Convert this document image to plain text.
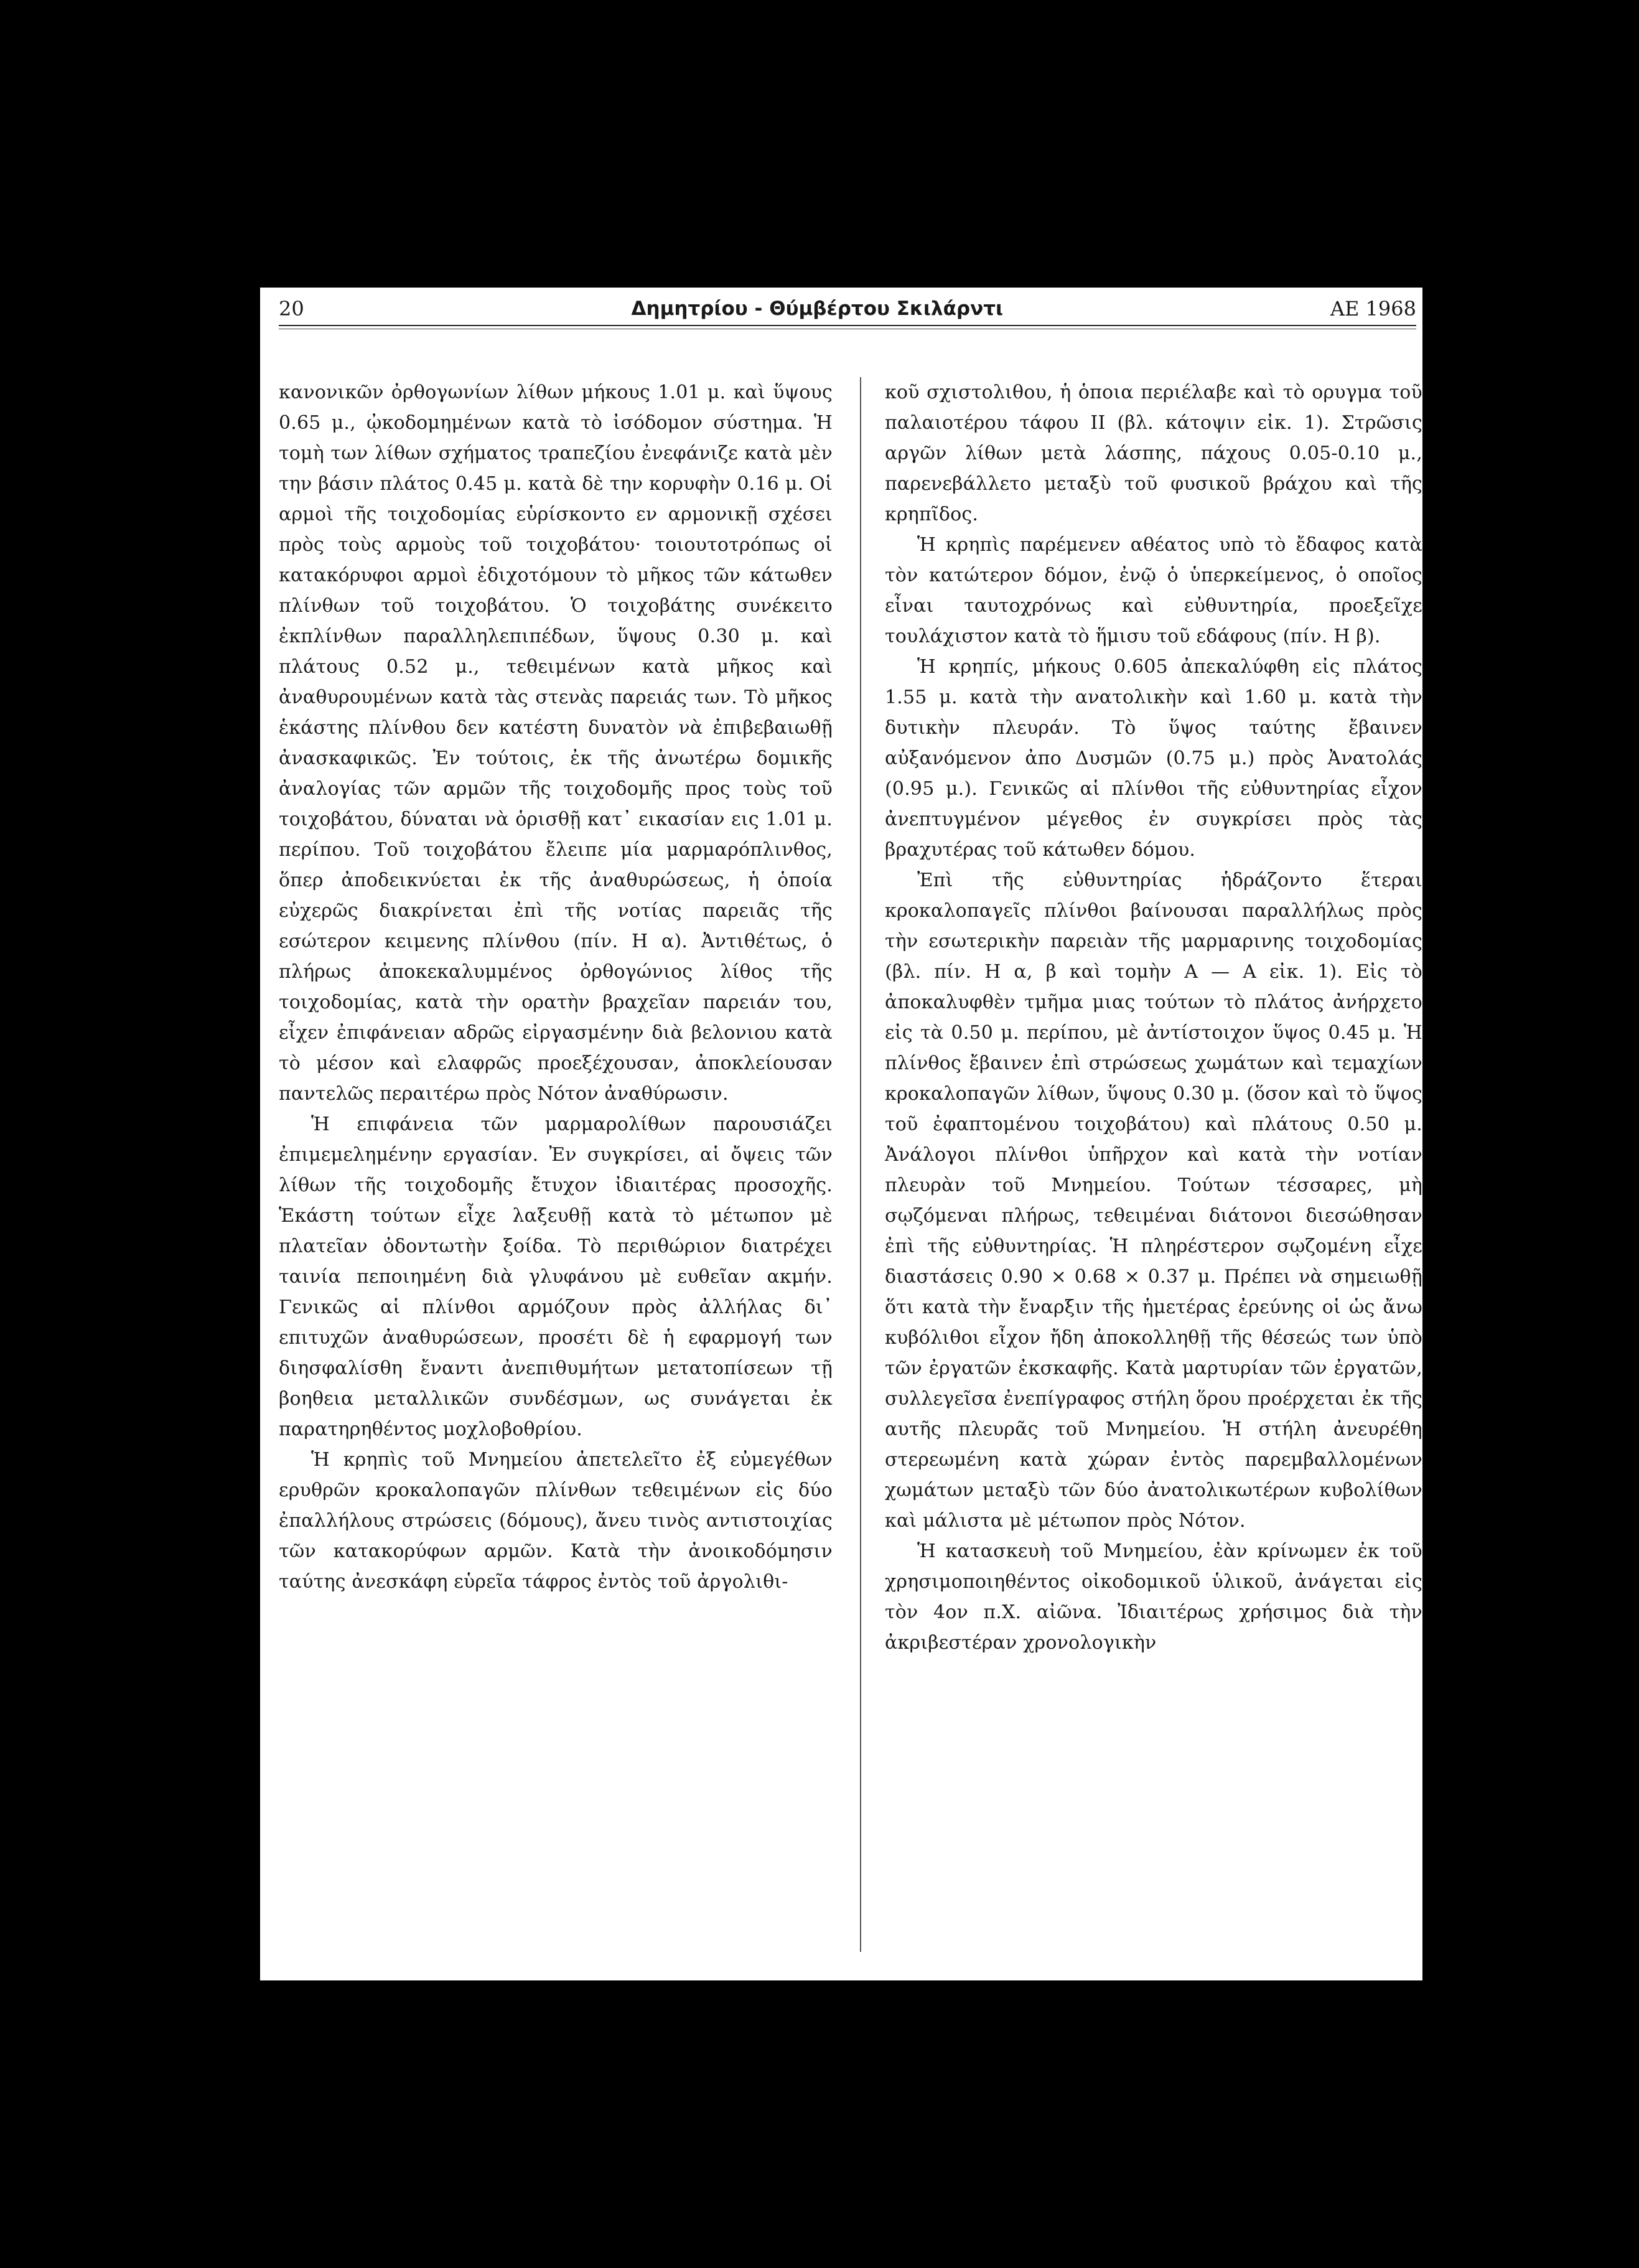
20	Δημητρίου - Θύμβέρτου Σκιλάρντι	ΑΕ 1968

κανονικῶν ὀρθογωνίων λίθων μήκους 1.01 μ. καὶ ὕψους 0.65 μ., ᾠκοδομημένων κατὰ τὸ ἰσόδομον σύστημα. Ἡ τομὴ των λίθων σχήματος τραπεζίου ἐνεφάνιζε κατὰ μὲν την βάσιν πλάτος 0.45 μ. κατὰ δὲ την κορυφὴν 0.16 μ. Οἱ αρμοὶ τῆς τοιχοδομίας εὑρίσκοντο εν αρμονικῇ σχέσει πρὸς τοὺς αρμοὺς τοῦ τοιχοβάτου· τοιουτοτρόπως οἱ κατακόρυφοι αρμοὶ ἐδιχοτόμουν τὸ μῆκος τῶν κάτωθεν πλίνθων τοῦ τοιχοβάτου. Ὁ τοιχοβάτης συνέκειτο ἐκπλίνθων παραλληλεπιπέδων, ὕψους 0.30 μ. καὶ πλάτους 0.52 μ., τεθειμένων κατὰ μῆκος καὶ ἀναθυρουμένων κατὰ τὰς στενὰς παρειάς των. Τὸ μῆκος ἑκάστης πλίνθου δεν κατέστη δυνατὸν νὰ ἐπιβεβαιωθῇ ἀνασκαφικῶς. Ἐν τούτοις, ἐκ τῆς ἀνωτέρω δομικῆς ἀναλογίας τῶν αρμῶν τῆς τοιχοδομῆς προς τοὺς τοῦ τοιχοβάτου, δύναται νὰ ὁρισθῇ κατ᾽ εικασίαν εις 1.01 μ. περίπου. Τοῦ τοιχοβάτου ἔλειπε μία μαρμαρόπλινθος, ὅπερ ἀποδεικνύεται ἐκ τῆς ἀναθυρώσεως, ἡ ὁποία εὐχερῶς διακρίνεται ἐπὶ τῆς νοτίας παρειᾶς τῆς εσώτερον κειμενης πλίνθου (πίν. Η α). Ἀντιθέτως, ὁ πλήρως ἀποκεκαλυμμένος ὀρθογώνιος λίθος τῆς τοιχοδομίας, κατὰ τὴν ορατὴν βραχεῖαν παρειάν του, εἶχεν ἐπιφάνειαν αδρῶς εἰργασμένην διὰ βελονιου κατὰ τὸ μέσον καὶ ελαφρῶς προεξέχουσαν, ἀποκλείουσαν παντελῶς περαιτέρω πρὸς Νότον ἀναθύρωσιν.

Ἡ επιφάνεια τῶν μαρμαρολίθων παρουσιάζει ἐπιμεμελημένην εργασίαν. Ἐν συγκρίσει, αἱ ὄψεις τῶν λίθων τῆς τοιχοδομῆς ἔτυχον ἰδιαιτέρας προσοχῆς. Ἑκάστη τούτων εἶχε λαξευθῇ κατὰ τὸ μέτωπον μὲ πλατεῖαν ὀδοντωτὴν ξοίδα. Τὸ περιθώριον διατρέχει ταινία πεποιημένη διὰ γλυφάνου μὲ ευθεῖαν ακμήν. Γενικῶς αἱ πλίνθοι αρμόζουν πρὸς ἀλλήλας δι᾽ επιτυχῶν ἀναθυρώσεων, προσέτι δὲ ἡ εφαρμογή των διησφαλίσθη ἔναντι ἀνεπιθυμήτων μετατοπίσεων τῇ βοηθεια μεταλλικῶν συνδέσμων, ως συνάγεται ἐκ παρατηρηθέντος μοχλοβοθρίου.

Ἡ κρηπὶς τοῦ Μνημείου ἀπετελεῖτο ἐξ εὐμεγέθων ερυθρῶν κροκαλοπαγῶν πλίνθων τεθειμένων εἰς δύο ἐπαλλήλους στρώσεις (δόμους), ἄνευ τινὸς αντιστοιχίας τῶν κατακορύφων αρμῶν. Κατὰ τὴν ἀνοικοδόμησιν ταύτης ἀνεσκάφη εὑρεῖα τάφρος ἐντὸς τοῦ ἀργολιθι-

κοῦ σχιστολιθου, ἡ ὁποια περιέλαβε καὶ τὸ ορυγμα τοῦ παλαιοτέρου τάφου II (βλ. κάτοψιν εἰκ. 1). Στρῶσις αργῶν λίθων μετὰ λάσπης, πάχους 0.05-0.10 μ., παρενεβάλλετο μεταξὺ τοῦ φυσικοῦ βράχου καὶ τῆς κρηπῖδος.

Ἡ κρηπὶς παρέμενεν αθέατος υπὸ τὸ ἔδαφος κατὰ τὸν κατώτερον δόμον, ἐνῷ ὁ ὑπερκείμενος, ὁ οποῖος εἶναι ταυτοχρόνως καὶ εὐθυντηρία, προεξεῖχε τουλάχιστον κατὰ τὸ ἥμισυ τοῦ εδάφους (πίν. Η β).

Ἡ κρηπίς, μήκους 0.605 ἀπεκαλύφθη εἰς πλάτος 1.55 μ. κατὰ τὴν ανατολικὴν καὶ 1.60 μ. κατὰ τὴν δυτικὴν πλευράν. Τὸ ὕψος ταύτης ἔβαινεν αὐξανόμενον ἀπο Δυσμῶν (0.75 μ.) πρὸς Ἀνατολάς (0.95 μ.). Γενικῶς αἱ πλίνθοι τῆς εὐθυντηρίας εἶχον ἀνεπτυγμένον μέγεθος ἐν συγκρίσει πρὸς τὰς βραχυτέρας τοῦ κάτωθεν δόμου.

Ἐπὶ τῆς εὐθυντηρίας ἡδράζοντο ἕτεραι κροκαλοπαγεῖς πλίνθοι βαίνουσαι παραλλήλως πρὸς τὴν εσωτερικὴν παρειὰν τῆς μαρμαρινης τοιχοδομίας (βλ. πίν. Η α, β καὶ τομὴν Α — Α εἰκ. 1). Εἰς τὸ ἀποκαλυφθὲν τμῆμα μιας τούτων τὸ πλάτος ἀνήρχετο εἰς τὰ 0.50 μ. περίπου, μὲ ἀντίστοιχον ὕψος 0.45 μ. Ἡ πλίνθος ἔβαινεν ἐπὶ στρώσεως χωμάτων καὶ τεμαχίων κροκαλοπαγῶν λίθων, ὕψους 0.30 μ. (ὅσον καὶ τὸ ὕψος τοῦ ἐφαπτομένου τοιχοβάτου) καὶ πλάτους 0.50 μ. Ἀνάλογοι πλίνθοι ὑπῆρχον καὶ κατὰ τὴν νοτίαν πλευρὰν τοῦ Μνημείου. Τούτων τέσσαρες, μὴ σῳζόμεναι πλήρως, τεθειμέναι διάτονοι διεσώθησαν ἐπὶ τῆς εὐθυντηρίας. Ἡ πληρέστερον σῳζομένη εἶχε διαστάσεις 0.90 × 0.68 × 0.37 μ. Πρέπει νὰ σημειωθῇ ὅτι κατὰ τὴν ἔναρξιν τῆς ἡμετέρας ἐρεύνης οἱ ὡς ἄνω κυβόλιθοι εἶχον ἤδη ἀποκολληθῇ τῆς θέσεώς των ὑπὸ τῶν ἐργατῶν ἐκσκαφῆς. Κατὰ μαρτυρίαν τῶν ἐργατῶν, συλλεγεῖσα ἐνεπίγραφος στήλη ὅρου προέρχεται ἐκ τῆς αυτῆς πλευρᾶς τοῦ Μνημείου. Ἡ στήλη ἀνευρέθη στερεωμένη κατὰ χώραν ἐντὸς παρεμβαλλομένων χωμάτων μεταξὺ τῶν δύο ἀνατολικωτέρων κυβολίθων καὶ μάλιστα μὲ μέτωπον πρὸς Νότον.

Ἡ κατασκευὴ τοῦ Μνημείου, ἐὰν κρίνωμεν ἐκ τοῦ χρησιμοποιηθέντος οἰκοδομικοῦ ὑλικοῦ, ἀνάγεται εἰς τὸν 4ον π.Χ. αἰῶνα. Ἰδιαιτέρως χρήσιμος διὰ τὴν ἀκριβεστέραν χρονολογικὴν
